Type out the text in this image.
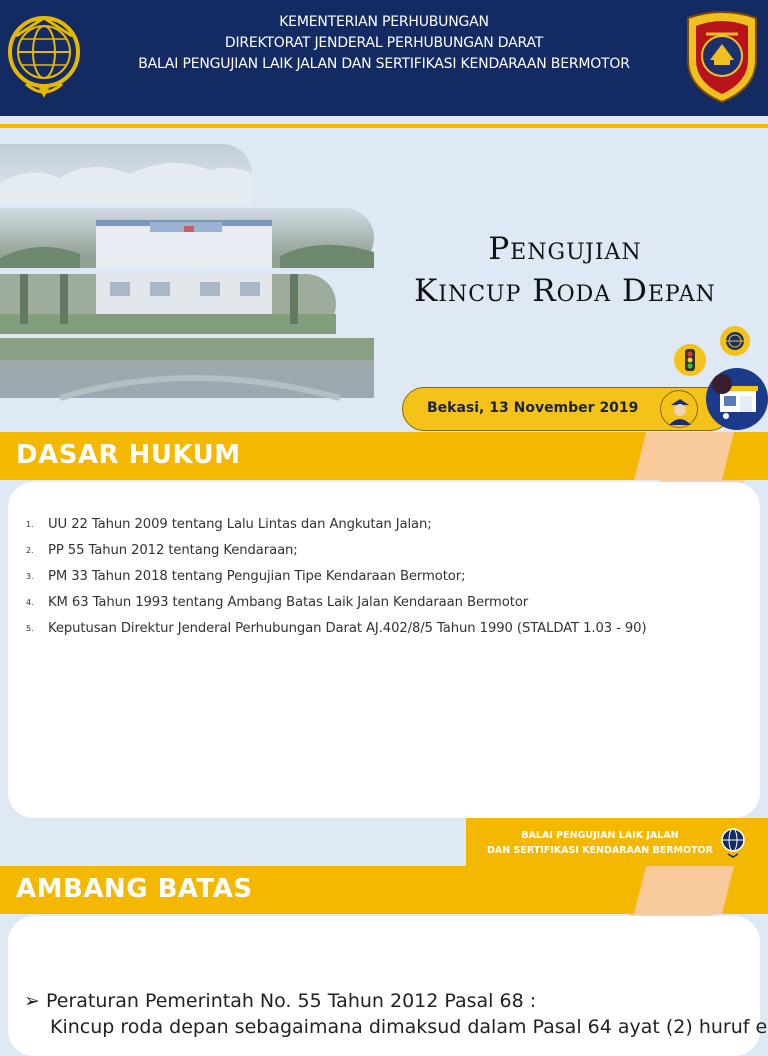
KEMENTERIAN PERHUBUNGAN
DIREKTORAT JENDERAL PERHUBUNGAN DARAT
BALAI PENGUJIAN LAIK JALAN DAN SERTIFIKASI KENDARAAN BERMOTOR
Pengujian
Kincup Roda Depan
Bekasi, 13 November 2019
DASAR HUKUM
1. UU 22 Tahun 2009 tentang Lalu Lintas dan Angkutan Jalan;
2. PP 55 Tahun 2012 tentang Kendaraan;
3. PM 33 Tahun 2018 tentang Pengujian Tipe Kendaraan Bermotor;
4. KM 63 Tahun 1993 tentang Ambang Batas Laik Jalan Kendaraan Bermotor
5. Keputusan Direktur Jenderal Perhubungan Darat AJ.402/8/5 Tahun 1990 (STALDAT 1.03 - 90)
BALAI PENGUJIAN LAIK JALAN
DAN SERTIFIKASI KENDARAAN BERMOTOR
AMBANG BATAS
➢ Peraturan Pemerintah No. 55 Tahun 2012 Pasal 68 :
Kincup roda depan sebagaimana dimaksud dalam Pasal 64 ayat (2) huruf e
